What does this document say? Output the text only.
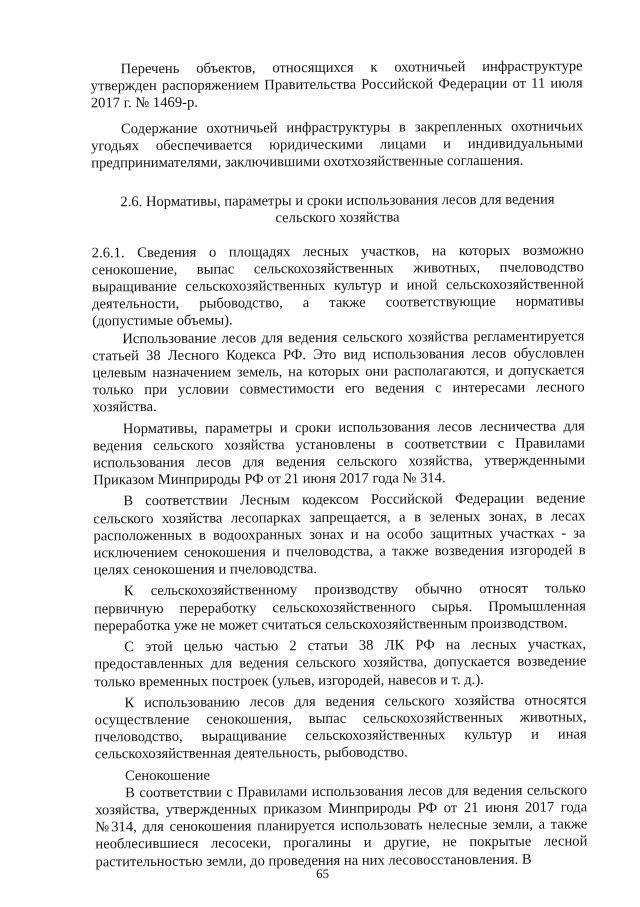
Перечень объектов, относящихся к охотничьей инфраструктуре утвержден распоряжением Правительства Российской Федерации от 11 июля 2017 г. № 1469-р.

Содержание охотничьей инфраструктуры в закрепленных охотничьих угодьях обеспечивается юридическими лицами и индивидуальными предпринимателями, заключившими охотхозяйственные соглашения.

2.6. Нормативы, параметры и сроки использования лесов для ведения сельского хозяйства

2.6.1. Сведения о площадях лесных участков, на которых возможно сенокошение, выпас сельскохозяйственных животных, пчеловодство выращивание сельскохозяйственных культур и иной сельскохозяйственной деятельности, рыбоводство, а также соответствующие нормативы (допустимые объемы).

Использование лесов для ведения сельского хозяйства регламентируется статьей 38 Лесного Кодекса РФ. Это вид использования лесов обусловлен целевым назначением земель, на которых они располагаются, и допускается только при условии совместимости его ведения с интересами лесного хозяйства.

Нормативы, параметры и сроки использования лесов лесничества для ведения сельского хозяйства установлены в соответствии с Правилами использования лесов для ведения сельского хозяйства, утвержденными Приказом Минприроды РФ от 21 июня 2017 года № 314.

В соответствии Лесным кодексом Российской Федерации ведение сельского хозяйства лесопарках запрещается, а в зеленых зонах, в лесах расположенных в водоохранных зонах и на особо защитных участках - за исключением сенокошения и пчеловодства, а также возведения изгородей в целях сенокошения и пчеловодства.

К сельскохозяйственному производству обычно относят только первичную переработку сельскохозяйственного сырья. Промышленная переработка уже не может считаться сельскохозяйственным производством.

С этой целью частью 2 статьи 38 ЛК РФ на лесных участках, предоставленных для ведения сельского хозяйства, допускается возведение только временных построек (ульев, изгородей, навесов и т. д.).

К использованию лесов для ведения сельского хозяйства относятся осуществление сенокошения, выпас сельскохозяйственных животных, пчеловодство, выращивание сельскохозяйственных культур и иная сельскохозяйственная деятельность, рыбоводство.

Сенокошение

В соответствии с Правилами использования лесов для ведения сельского хозяйства, утвержденных приказом Минприроды РФ от 21 июня 2017 года №314, для сенокошения планируется использовать нелесные земли, а также необлесившиеся лесосеки, прогалины и другие, не покрытые лесной растительностью земли, до проведения на них лесовосстановления. В

65
